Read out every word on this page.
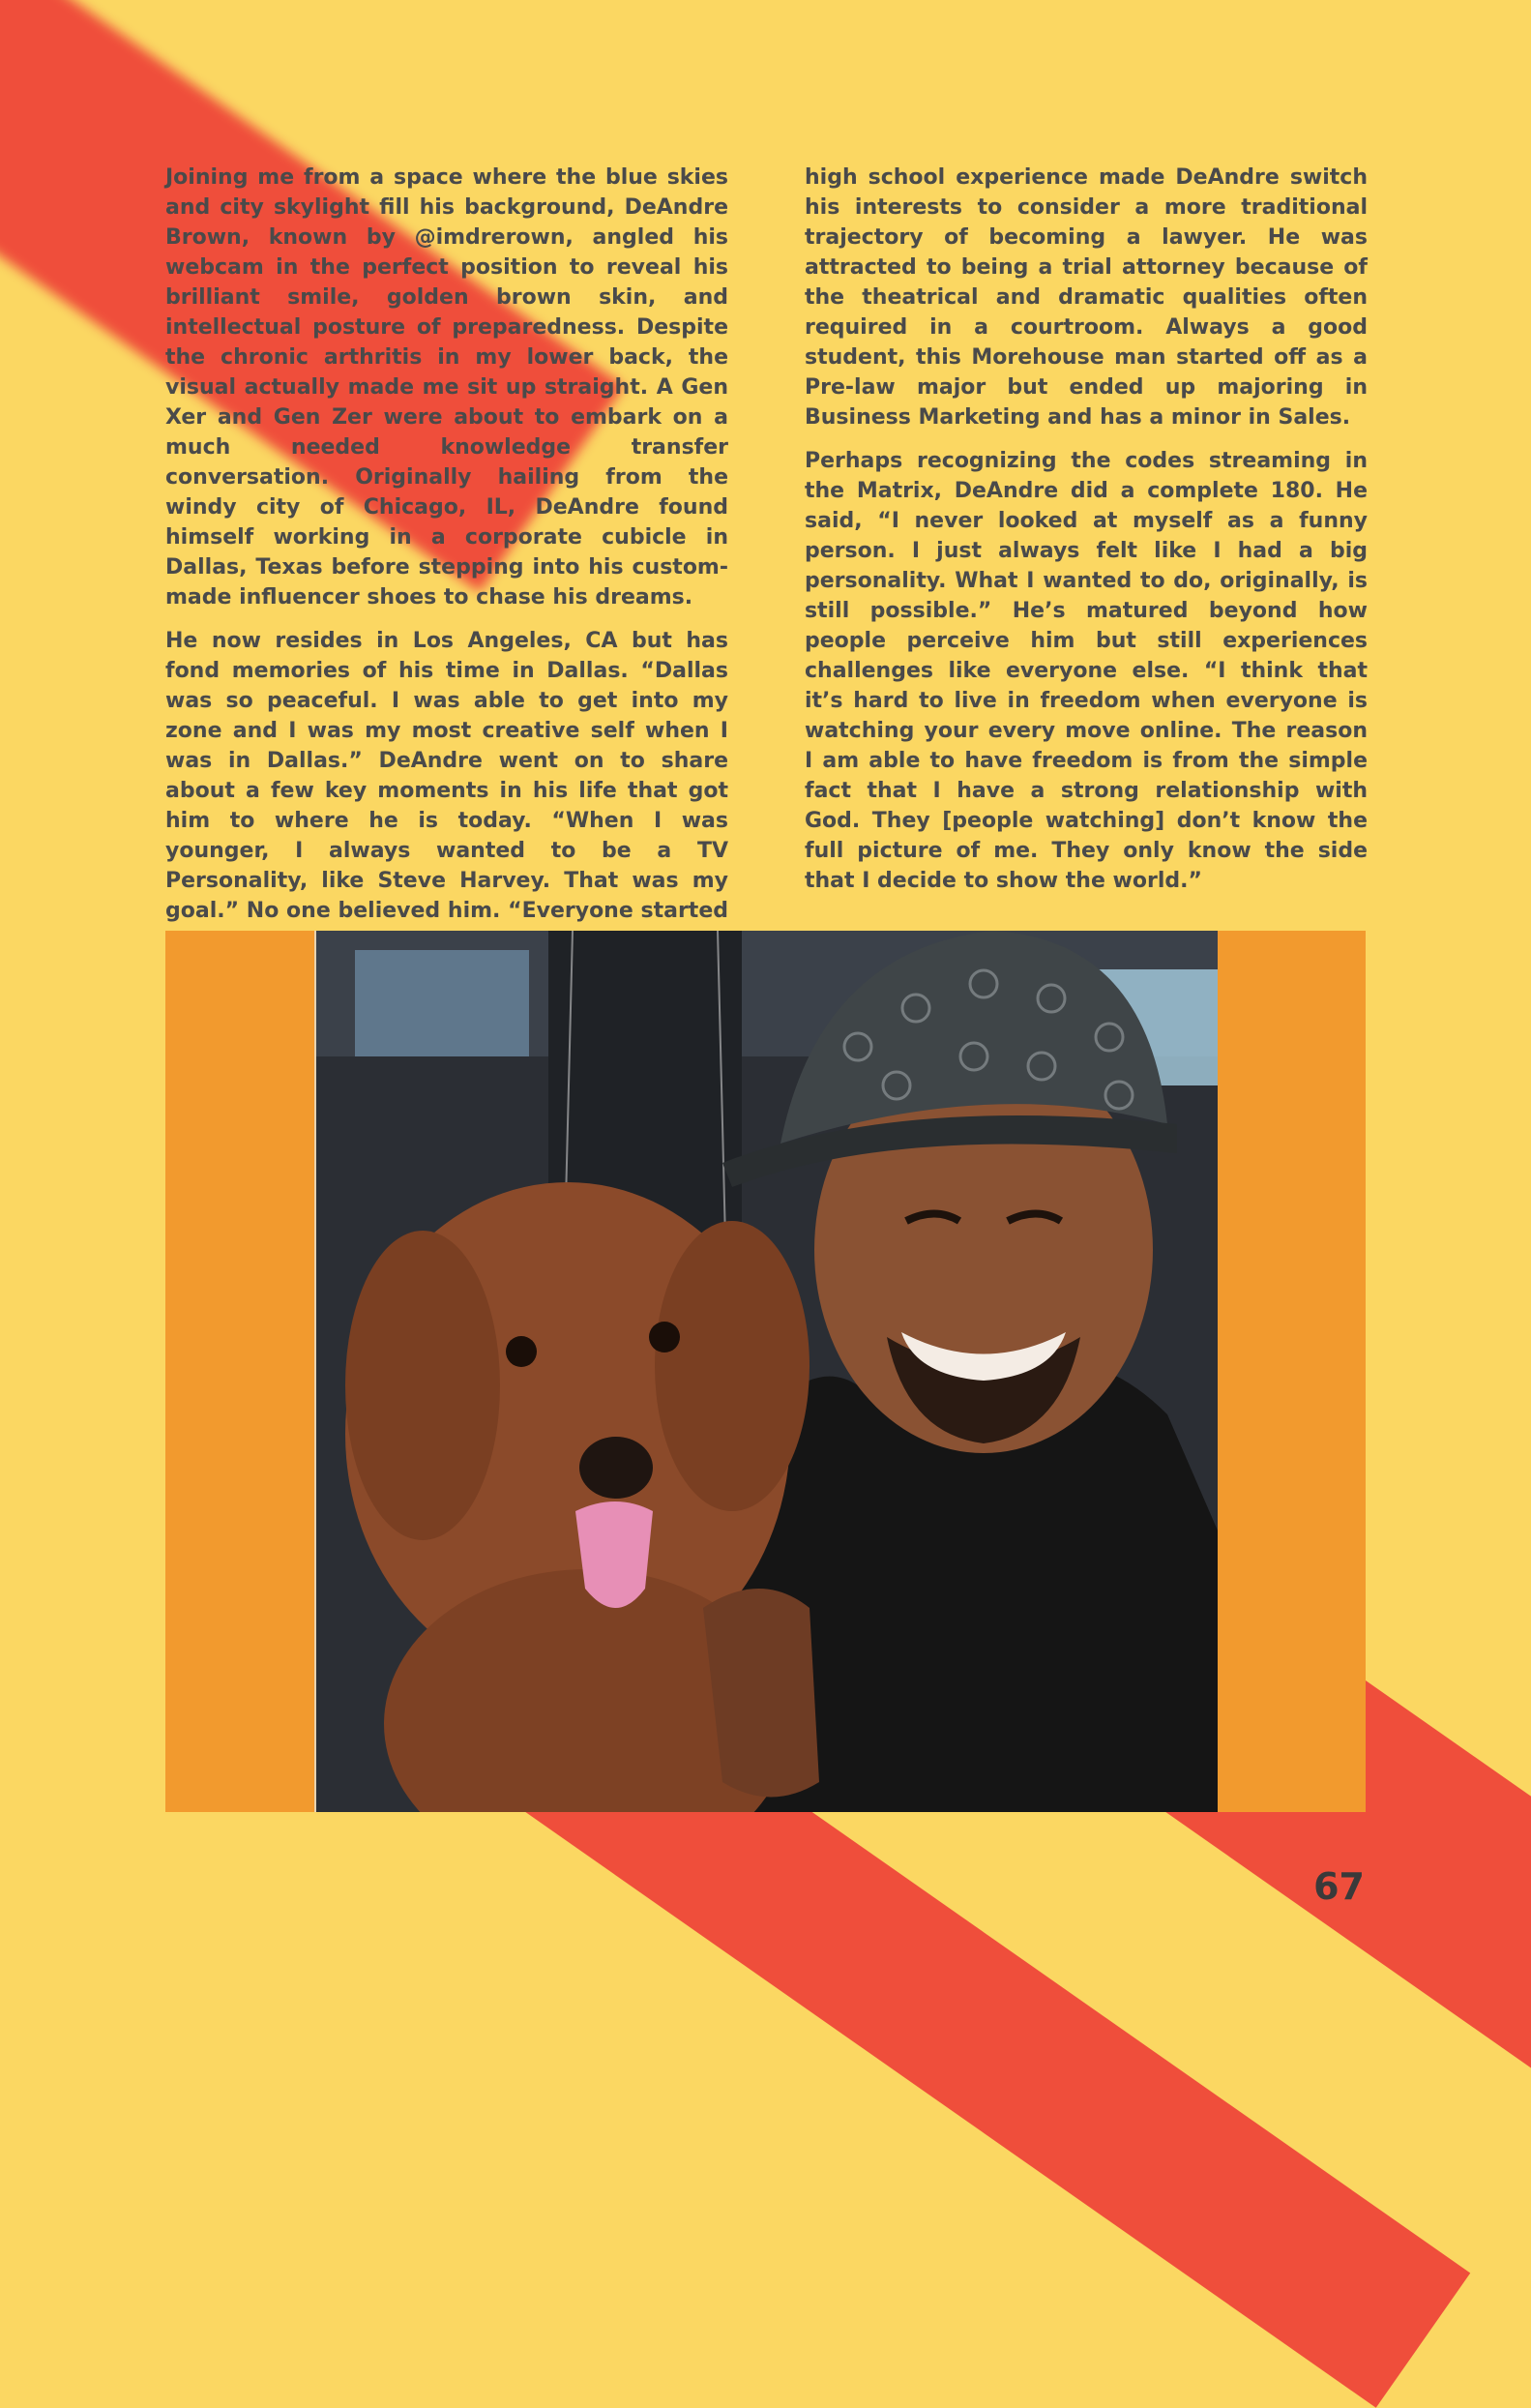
Joining me from a space where the blue skies and city skylight fill his background, DeAndre Brown, known by @imdrerown, angled his webcam in the perfect position to reveal his brilliant smile, golden brown skin, and intellectual posture of preparedness. Despite the chronic arthritis in my lower back, the visual actually made me sit up straight. A Gen Xer and Gen Zer were about to embark on a much needed knowledge transfer conversation. Originally hailing from the windy city of Chicago, IL, DeAndre found himself working in a corporate cubicle in Dallas, Texas before stepping into his custom-made influencer shoes to chase his dreams.

He now resides in Los Angeles, CA but has fond memories of his time in Dallas. “Dallas was so peaceful. I was able to get into my zone and I was my most creative self when I was in Dallas.” DeAndre went on to share about a few key moments in his life that got him to where he is today. “When I was younger, I always wanted to be a TV Personality, like Steve Harvey. That was my goal.” No one believed him. “Everyone started

high school experience made DeAndre switch his interests to consider a more traditional trajectory of becoming a lawyer. He was attracted to being a trial attorney because of the theatrical and dramatic qualities often required in a courtroom. Always a good student, this Morehouse man started off as a Pre-law major but ended up majoring in Business Marketing and has a minor in Sales.

Perhaps recognizing the codes streaming in the Matrix, DeAndre did a complete 180. He said, “I never looked at myself as a funny person. I just always felt like I had a big personality. What I wanted to do, originally, is still possible.” He’s matured beyond how people perceive him but still experiences challenges like everyone else. “I think that it’s hard to live in freedom when everyone is watching your every move online. The reason I am able to have freedom is from the simple fact that I have a strong relationship with God. They [people watching] don’t know the full picture of me. They only know the side that I decide to show the world.”

67
